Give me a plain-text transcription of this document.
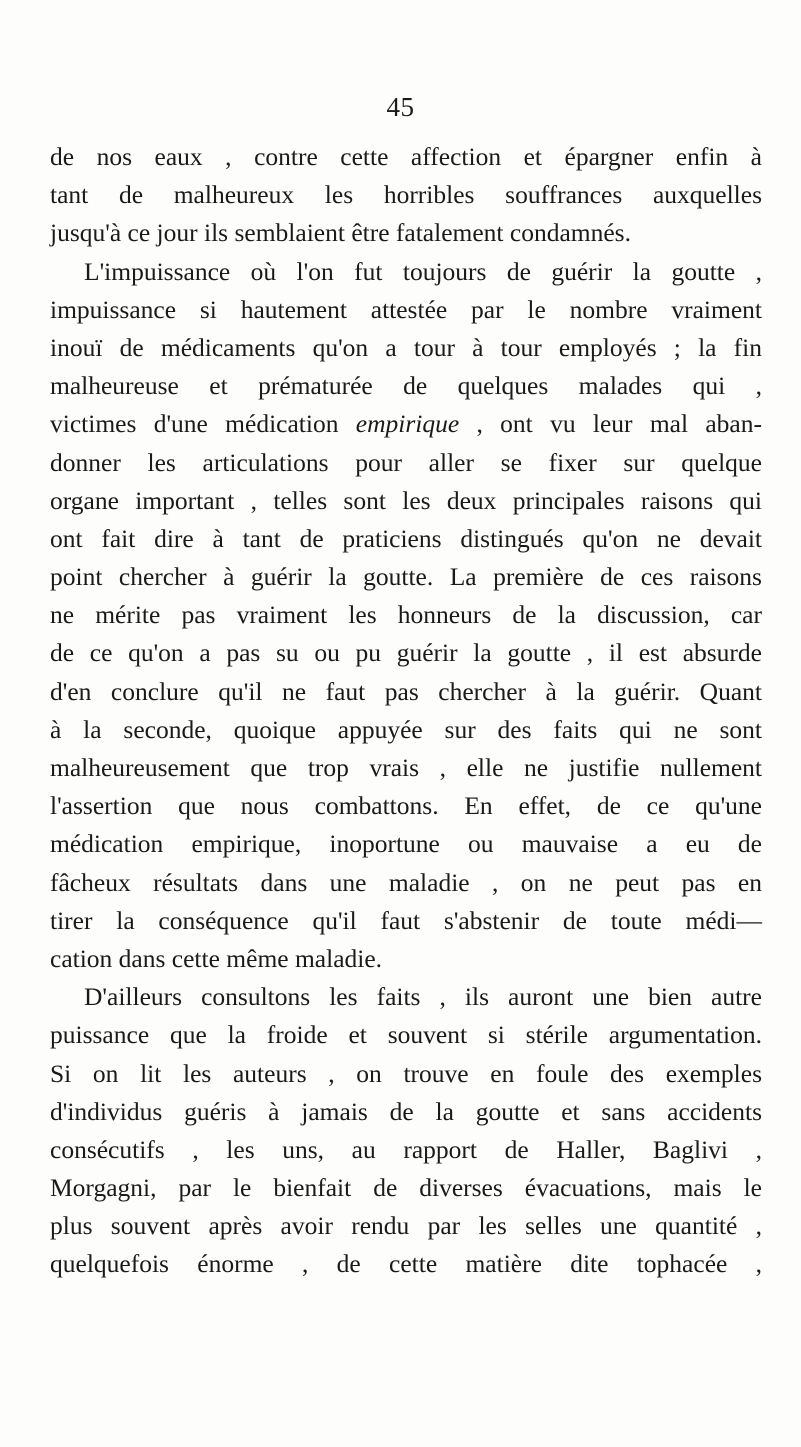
45
de nos eaux , contre cette affection et épargner enfin à
tant de malheureux les horribles souffrances auxquelles
jusqu'à ce jour ils semblaient être fatalement condamnés.
L'impuissance où l'on fut toujours de guérir la goutte ,
impuissance si hautement attestée par le nombre vraiment
inouï de médicaments qu'on a tour à tour employés ; la fin
malheureuse et prématurée de quelques malades qui ,
victimes d'une médication empirique , ont vu leur mal aban-
donner les articulations pour aller se fixer sur quelque
organe important , telles sont les deux principales raisons qui
ont fait dire à tant de praticiens distingués qu'on ne devait
point chercher à guérir la goutte. La première de ces raisons
ne mérite pas vraiment les honneurs de la discussion, car
de ce qu'on a pas su ou pu guérir la goutte , il est absurde
d'en conclure qu'il ne faut pas chercher à la guérir. Quant
à la seconde, quoique appuyée sur des faits qui ne sont
malheureusement que trop vrais , elle ne justifie nullement
l'assertion que nous combattons. En effet, de ce qu'une
médication empirique, inoportune ou mauvaise a eu de
fâcheux résultats dans une maladie , on ne peut pas en
tirer la conséquence qu'il faut s'abstenir de toute médi—
cation dans cette même maladie.
D'ailleurs consultons les faits , ils auront une bien autre
puissance que la froide et souvent si stérile argumentation.
Si on lit les auteurs , on trouve en foule des exemples
d'individus guéris à jamais de la goutte et sans accidents
consécutifs , les uns, au rapport de Haller, Baglivi ,
Morgagni, par le bienfait de diverses évacuations, mais le
plus souvent après avoir rendu par les selles une quantité ,
quelquefois énorme , de cette matière dite tophacée ,
